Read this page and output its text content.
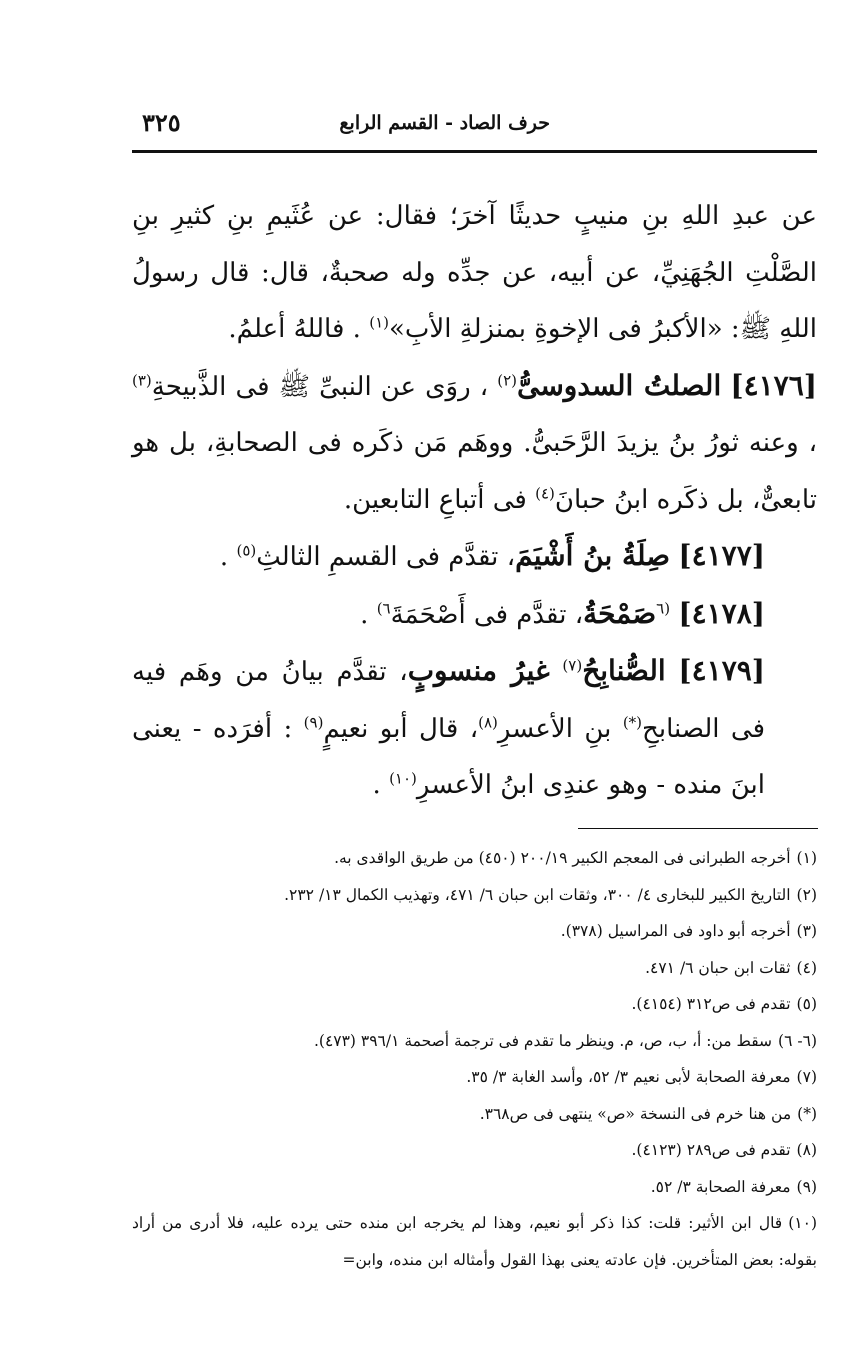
حرف الصاد - القسم الرابع
٣٢٥

عن عبدِ اللهِ بنِ منيبٍ حديثًا آخرَ؛ فقال: عن عُثَيمِ بنِ كثيرِ بنِ الصَّلْتِ الجُهَنِيِّ، عن أبيه، عن جدِّه وله صحبةٌ، قال: قال رسولُ اللهِ ﷺ: «الأكبرُ فى الإخوةِ بمنزلةِ الأبِ»$^{(١)}$ . فاللهُ أعلمُ.

[٤١٧٦] الصلتُ السدوسىُّ$^{(٢)}$ ، روَى عن النبىِّ ﷺ فى الذَّبيحةِ$^{(٣)}$ ، وعنه ثورُ بنُ يزيدَ الرَّحَبىُّ. ووهَم مَن ذكَره فى الصحابةِ، بل هو تابعىٌّ، بل ذكَره ابنُ حبانَ$^{(٤)}$ فى أتباعِ التابعين.

[٤١٧٧] صِلَةُ بنُ أَشْيَمَ، تقدَّم فى القسمِ الثالثِ$^{(٥)}$ .

[٤١٧٨] $^{(٦}$صَمْحَةُ، تقدَّم فى أَصْحَمَةَ$^{٦)}$ .

[٤١٧٩] الصُّنابِحُ$^{(٧)}$ غيرُ منسوبٍ، تقدَّم بيانُ من وهَم فيه فى الصنابحِ(*) بنِ الأعسرِ$^{(٨)}$، قال أبو نعيمٍ$^{(٩)}$ : أفرَده - يعنى ابنَ منده - وهو عندِى ابنُ الأعسرِ$^{(١٠)}$ .

(١)أخرجه الطبرانى فى المعجم الكبير ٢٠٠/١٩ (٤٥٠) من طريق الواقدى به.

(٢)التاريخ الكبير للبخارى ٤/ ٣٠٠، وثقات ابن حبان ٦/ ٤٧١، وتهذيب الكمال ١٣/ ٢٣٢.

(٣)أخرجه أبو داود فى المراسيل (٣٧٨).

(٤)ثقات ابن حبان ٦/ ٤٧١.

(٥)تقدم فى ص٣١٢ (٤١٥٤).

(٦- ٦)سقط من: أ، ب، ص، م. وينظر ما تقدم فى ترجمة أصحمة ٣٩٦/١ (٤٧٣).

(٧)معرفة الصحابة لأبى نعيم ٣/ ٥٢، وأسد الغابة ٣/ ٣٥.

(*)من هنا خرم فى النسخة «ص» ينتهى فى ص٣٦٨.

(٨)تقدم فى ص٢٨٩ (٤١٢٣).

(٩)معرفة الصحابة ٣/ ٥٢.

(١٠)قال ابن الأثير: قلت: كذا ذكر أبو نعيم، وهذا لم يخرجه ابن منده حتى يرده عليه، فلا أدرى من أراد بقوله: بعض المتأخرين. فإن عادته يعنى بهذا القول وأمثاله ابن منده، وابن=
